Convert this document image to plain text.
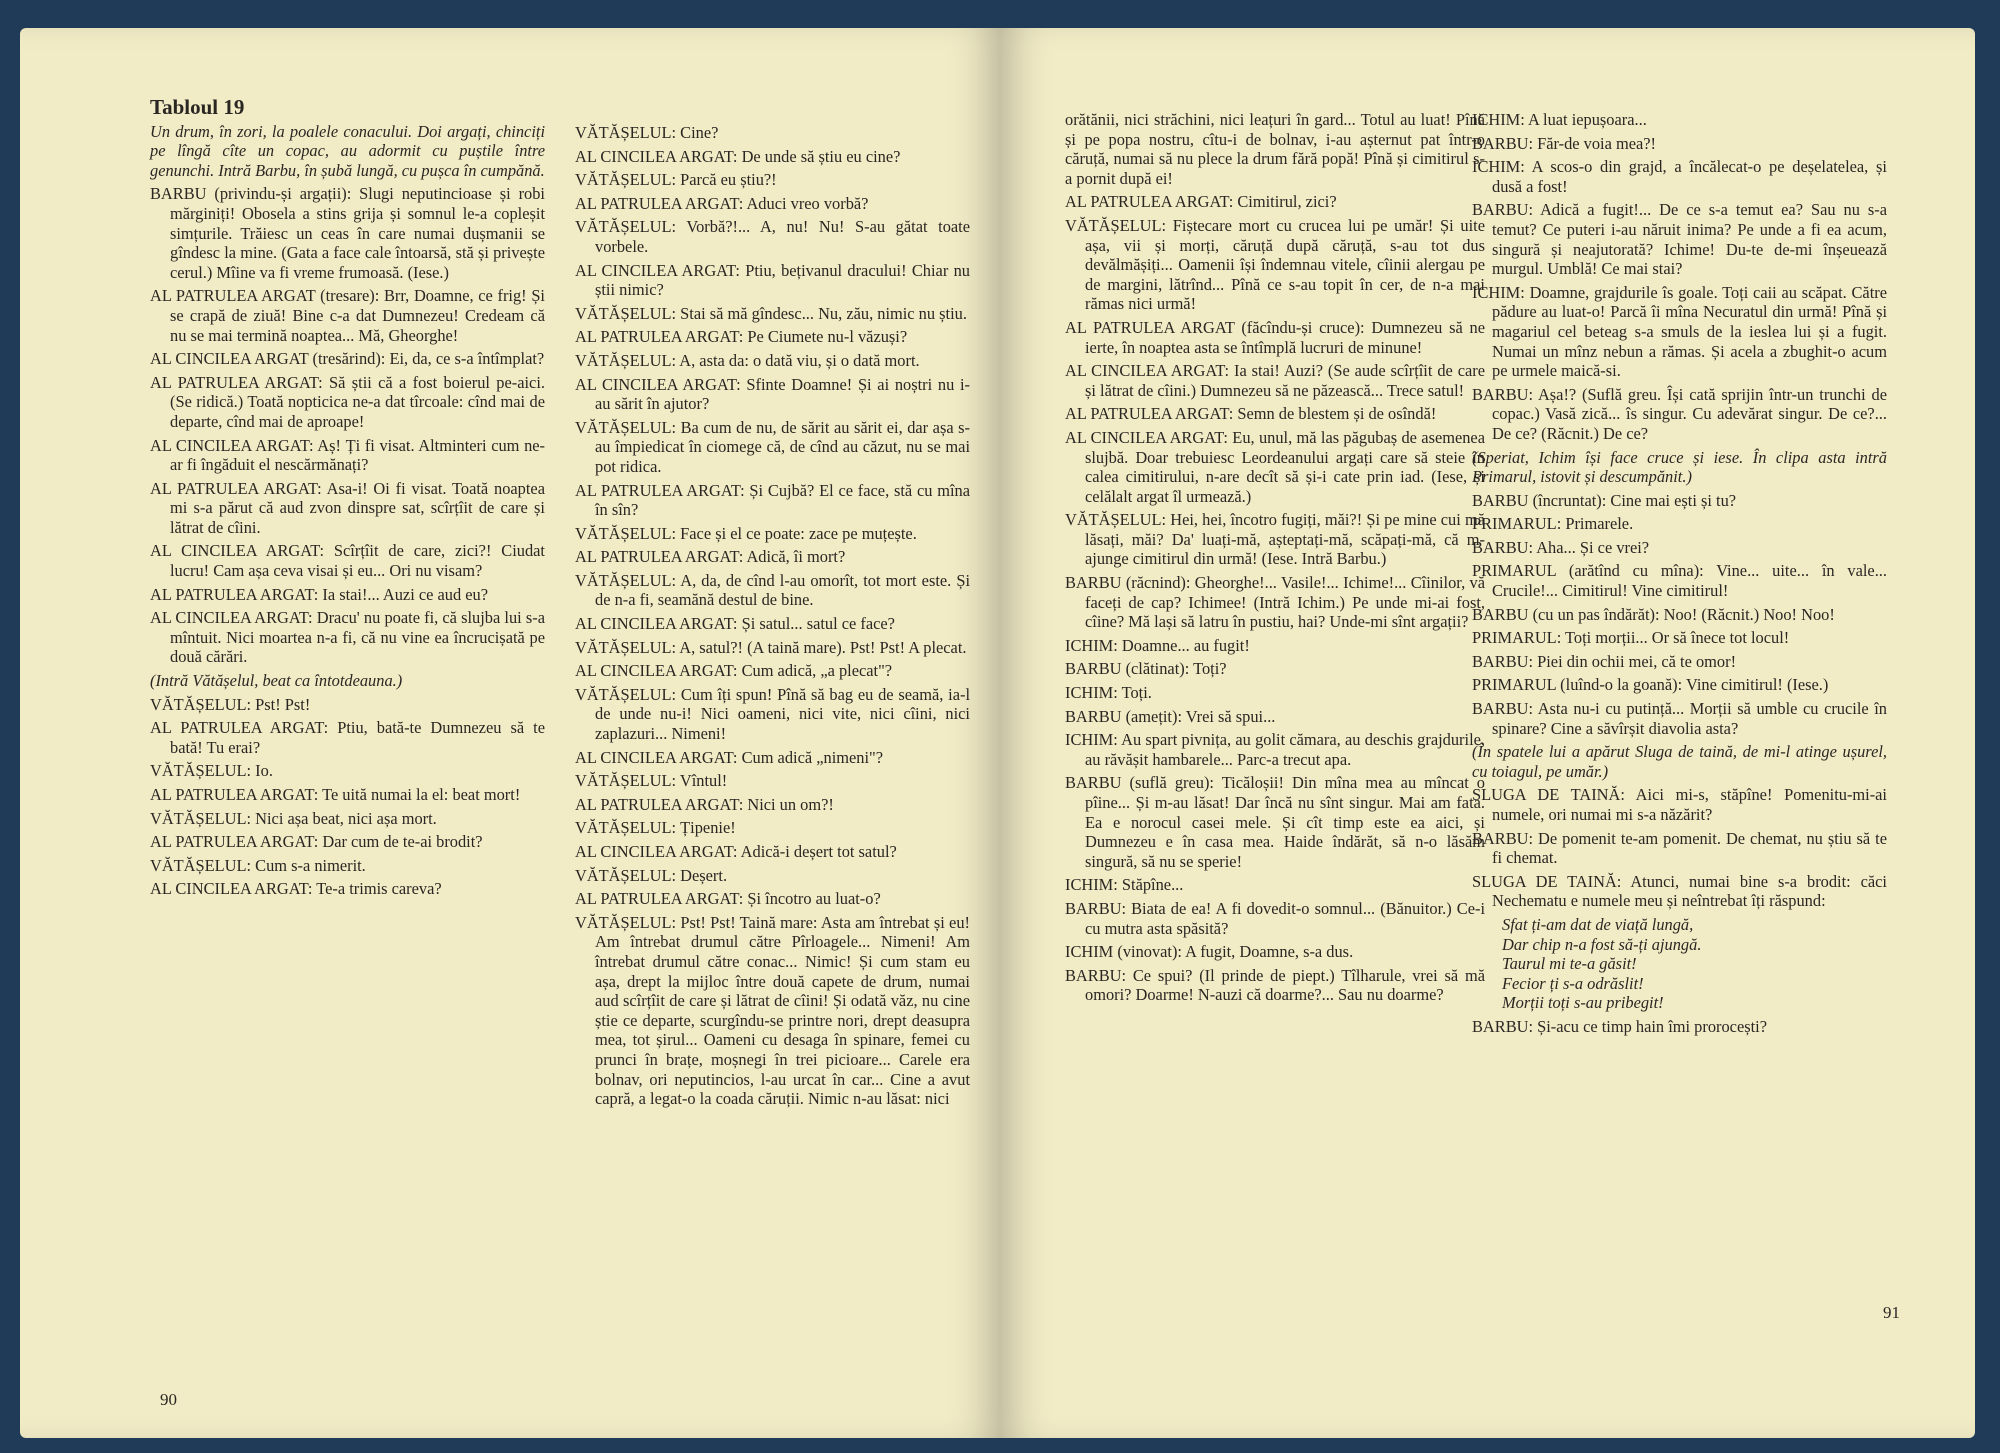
Tabloul 19

Un drum, în zori, la poalele conacului. Doi argați, chinciți pe lîngă cîte un copac, au adormit cu puștile între genunchi. Intră Barbu, în șubă lungă, cu pușca în cumpănă.

BARBU (privindu-și argații): Slugi neputincioase și robi mărginiți! Obosela a stins grija și somnul le-a copleșit simțurile. Trăiesc un ceas în care numai dușmanii se gîndesc la mine. (Gata a face cale întoarsă, stă și privește cerul.) Mîine va fi vreme frumoasă. (Iese.)

AL PATRULEA ARGAT (tresare): Brr, Doamne, ce frig! Și se crapă de ziuă! Bine c-a dat Dumnezeu! Credeam că nu se mai termină noaptea... Mă, Gheorghe!

AL CINCILEA ARGAT (tresărind): Ei, da, ce s-a întîmplat?

AL PATRULEA ARGAT: Să știi că a fost boierul pe-aici. (Se ridică.) Toată nopticica ne-a dat tîrcoale: cînd mai de departe, cînd mai de aproape!

AL CINCILEA ARGAT: Aș! Ți fi visat. Altminteri cum ne-ar fi îngăduit el nescărmănați?

AL PATRULEA ARGAT: Asa-i! Oi fi visat. Toată noaptea mi s-a părut că aud zvon dinspre sat, scîrțîit de care și lătrat de cîini.

AL CINCILEA ARGAT: Scîrțîit de care, zici?! Ciudat lucru! Cam așa ceva visai și eu... Ori nu visam?

AL PATRULEA ARGAT: Ia stai!... Auzi ce aud eu?

AL CINCILEA ARGAT: Dracu' nu poate fi, că slujba lui s-a mîntuit. Nici moartea n-a fi, că nu vine ea încrucișată pe două cărări.

(Intră Vătășelul, beat ca întotdeauna.)

VĂTĂȘELUL: Pst! Pst!

AL PATRULEA ARGAT: Ptiu, bată-te Dumnezeu să te bată! Tu erai?

VĂTĂȘELUL: Io.

AL PATRULEA ARGAT: Te uită numai la el: beat mort!

VĂTĂȘELUL: Nici așa beat, nici așa mort.

AL PATRULEA ARGAT: Dar cum de te-ai brodit?

VĂTĂȘELUL: Cum s-a nimerit.

AL CINCILEA ARGAT: Te-a trimis careva?

VĂTĂȘELUL: Cine?

AL CINCILEA ARGAT: De unde să știu eu cine?

VĂTĂȘELUL: Parcă eu știu?!

AL PATRULEA ARGAT: Aduci vreo vorbă?

VĂTĂȘELUL: Vorbă?!... A, nu! Nu! S-au gătat toate vorbele.

AL CINCILEA ARGAT: Ptiu, bețivanul dracului! Chiar nu știi nimic?

VĂTĂȘELUL: Stai să mă gîndesc... Nu, zău, nimic nu știu.

AL PATRULEA ARGAT: Pe Ciumete nu-l văzuși?

VĂTĂȘELUL: A, asta da: o dată viu, și o dată mort.

AL CINCILEA ARGAT: Sfinte Doamne! Și ai noștri nu i-au sărit în ajutor?

VĂTĂȘELUL: Ba cum de nu, de sărit au sărit ei, dar așa s-au împiedicat în ciomege că, de cînd au căzut, nu se mai pot ridica.

AL PATRULEA ARGAT: Și Cujbă? El ce face, stă cu mîna în sîn?

VĂTĂȘELUL: Face și el ce poate: zace pe muțește.

AL PATRULEA ARGAT: Adică, îi mort?

VĂTĂȘELUL: A, da, de cînd l-au omorît, tot mort este. Și de n-a fi, seamănă destul de bine.

AL CINCILEA ARGAT: Și satul... satul ce face?

VĂTĂȘELUL: A, satul?! (A taină mare). Pst! Pst! A plecat.

AL CINCILEA ARGAT: Cum adică, „a plecat"?

VĂTĂȘELUL: Cum îți spun! Pînă să bag eu de seamă, ia-l de unde nu-i! Nici oameni, nici vite, nici cîini, nici zaplazuri... Nimeni!

AL CINCILEA ARGAT: Cum adică „nimeni"?

VĂTĂȘELUL: Vîntul!

AL PATRULEA ARGAT: Nici un om?!

VĂTĂȘELUL: Țipenie!

AL CINCILEA ARGAT: Adică-i deșert tot satul?

VĂTĂȘELUL: Deșert.

AL PATRULEA ARGAT: Și încotro au luat-o?

VĂTĂȘELUL: Pst! Pst! Taină mare: Asta am întrebat și eu! Am întrebat drumul către Pîrloagele... Nimeni! Am întrebat drumul către conac... Nimic! Și cum stam eu așa, drept la mijloc între două capete de drum, numai aud scîrțîit de care și lătrat de cîini! Și odată văz, nu cine știe ce departe, scurgîndu-se printre nori, drept deasupra mea, tot șirul... Oameni cu desaga în spinare, femei cu prunci în brațe, moșnegi în trei picioare... Carele era bolnav, ori neputincios, l-au urcat în car... Cine a avut capră, a legat-o la coada căruții. Nimic n-au lăsat: nici

90

orătănii, nici străchini, nici leațuri în gard... Totul au luat! Pînă și pe popa nostru, cîtu-i de bolnav, i-au așternut pat într-o căruță, numai să nu plece la drum fără popă! Pînă și cimitirul s-a pornit după ei!

AL PATRULEA ARGAT: Cimitirul, zici?

VĂTĂȘELUL: Fiștecare mort cu crucea lui pe umăr! Și uite așa, vii și morți, căruță după căruță, s-au tot dus devălmășiți... Oamenii își îndemnau vitele, cîinii alergau pe de margini, lătrînd... Pînă ce s-au topit în cer, de n-a mai rămas nici urmă!

AL PATRULEA ARGAT (făcîndu-și cruce): Dumnezeu să ne ierte, în noaptea asta se întîmplă lucruri de minune!

AL CINCILEA ARGAT: Ia stai! Auzi? (Se aude scîrțîit de care și lătrat de cîini.) Dumnezeu să ne păzească... Trece satul!

AL PATRULEA ARGAT: Semn de blestem și de osîndă!

AL CINCILEA ARGAT: Eu, unul, mă las păgubaș de asemenea slujbă. Doar trebuiesc Leordeanului argați care să steie în calea cimitirului, n-are decît să și-i cate prin iad. (Iese, și celălalt argat îl urmează.)

VĂTĂȘELUL: Hei, hei, încotro fugiți, măi?! Și pe mine cui mă lăsați, măi? Da' luați-mă, așteptați-mă, scăpați-mă, că m-ajunge cimitirul din urmă! (Iese. Intră Barbu.)

BARBU (răcnind): Gheorghe!... Vasile!... Ichime!... Cîinilor, vă faceți de cap? Ichimee! (Intră Ichim.) Pe unde mi-ai fost, cîine? Mă lași să latru în pustiu, hai? Unde-mi sînt argații?

ICHIM: Doamne... au fugit!

BARBU (clătinat): Toți?

ICHIM: Toți.

BARBU (amețit): Vrei să spui...

ICHIM: Au spart pivnița, au golit cămara, au deschis grajdurile, au răvășit hambarele... Parc-a trecut apa.

BARBU (suflă greu): Ticăloșii! Din mîna mea au mîncat o pîine... Și m-au lăsat! Dar încă nu sînt singur. Mai am fata. Ea e norocul casei mele. Și cît timp este ea aici, și Dumnezeu e în casa mea. Haide îndărăt, să n-o lăsăm singură, să nu se sperie!

ICHIM: Stăpîne...

BARBU: Biata de ea! A fi dovedit-o somnul... (Bănuitor.) Ce-i cu mutra asta spăsită?

ICHIM (vinovat): A fugit, Doamne, s-a dus.

BARBU: Ce spui? (Il prinde de piept.) Tîlharule, vrei să mă omori? Doarme! N-auzi că doarme?... Sau nu doarme?

ICHIM: A luat iepușoara...

BARBU: Făr-de voia mea?!

ICHIM: A scos-o din grajd, a încălecat-o pe deșelatelea, și dusă a fost!

BARBU: Adică a fugit!... De ce s-a temut ea? Sau nu s-a temut? Ce puteri i-au năruit inima? Pe unde a fi ea acum, singură și neajutorată? Ichime! Du-te de-mi înșeuează murgul. Umblă! Ce mai stai?

ICHIM: Doamne, grajdurile îs goale. Toți caii au scăpat. Către pădure au luat-o! Parcă îi mîna Necuratul din urmă! Pînă și magariul cel beteag s-a smuls de la ieslea lui și a fugit. Numai un mînz nebun a rămas. Și acela a zbughit-o acum pe urmele maică-si.

BARBU: Așa!? (Suflă greu. Își cată sprijin într-un trunchi de copac.) Vasă zică... îs singur. Cu adevărat singur. De ce?... De ce? (Răcnit.) De ce?

(Speriat, Ichim își face cruce și iese. În clipa asta intră Primarul, istovit și descumpănit.)

BARBU (încruntat): Cine mai ești și tu?

PRIMARUL: Primarele.

BARBU: Aha... Și ce vrei?

PRIMARUL (arătînd cu mîna): Vine... uite... în vale... Crucile!... Cimitirul! Vine cimitirul!

BARBU (cu un pas îndărăt): Noo! (Răcnit.) Noo! Noo!

PRIMARUL: Toți morții... Or să înece tot locul!

BARBU: Piei din ochii mei, că te omor!

PRIMARUL (luînd-o la goană): Vine cimitirul! (Iese.)

BARBU: Asta nu-i cu putință... Morții să umble cu crucile în spinare? Cine a săvîrșit diavolia asta?

(În spatele lui a apărut Sluga de taină, de mi-l atinge ușurel, cu toiagul, pe umăr.)

SLUGA DE TAINĂ: Aici mi-s, stăpîne! Pomenitu-mi-ai numele, ori numai mi s-a năzărit?

BARBU: De pomenit te-am pomenit. De chemat, nu știu să te fi chemat.

SLUGA DE TAINĂ: Atunci, numai bine s-a brodit: căci Nechematu e numele meu și neîntrebat îți răspund:

Sfat ți-am dat de viață lungă,
Dar chip n-a fost să-ți ajungă.
Taurul mi te-a găsit!
Fecior ți s-a odrăslit!
Morții toți s-au pribegit!

BARBU: Și-acu ce timp hain îmi prorocești?

91
